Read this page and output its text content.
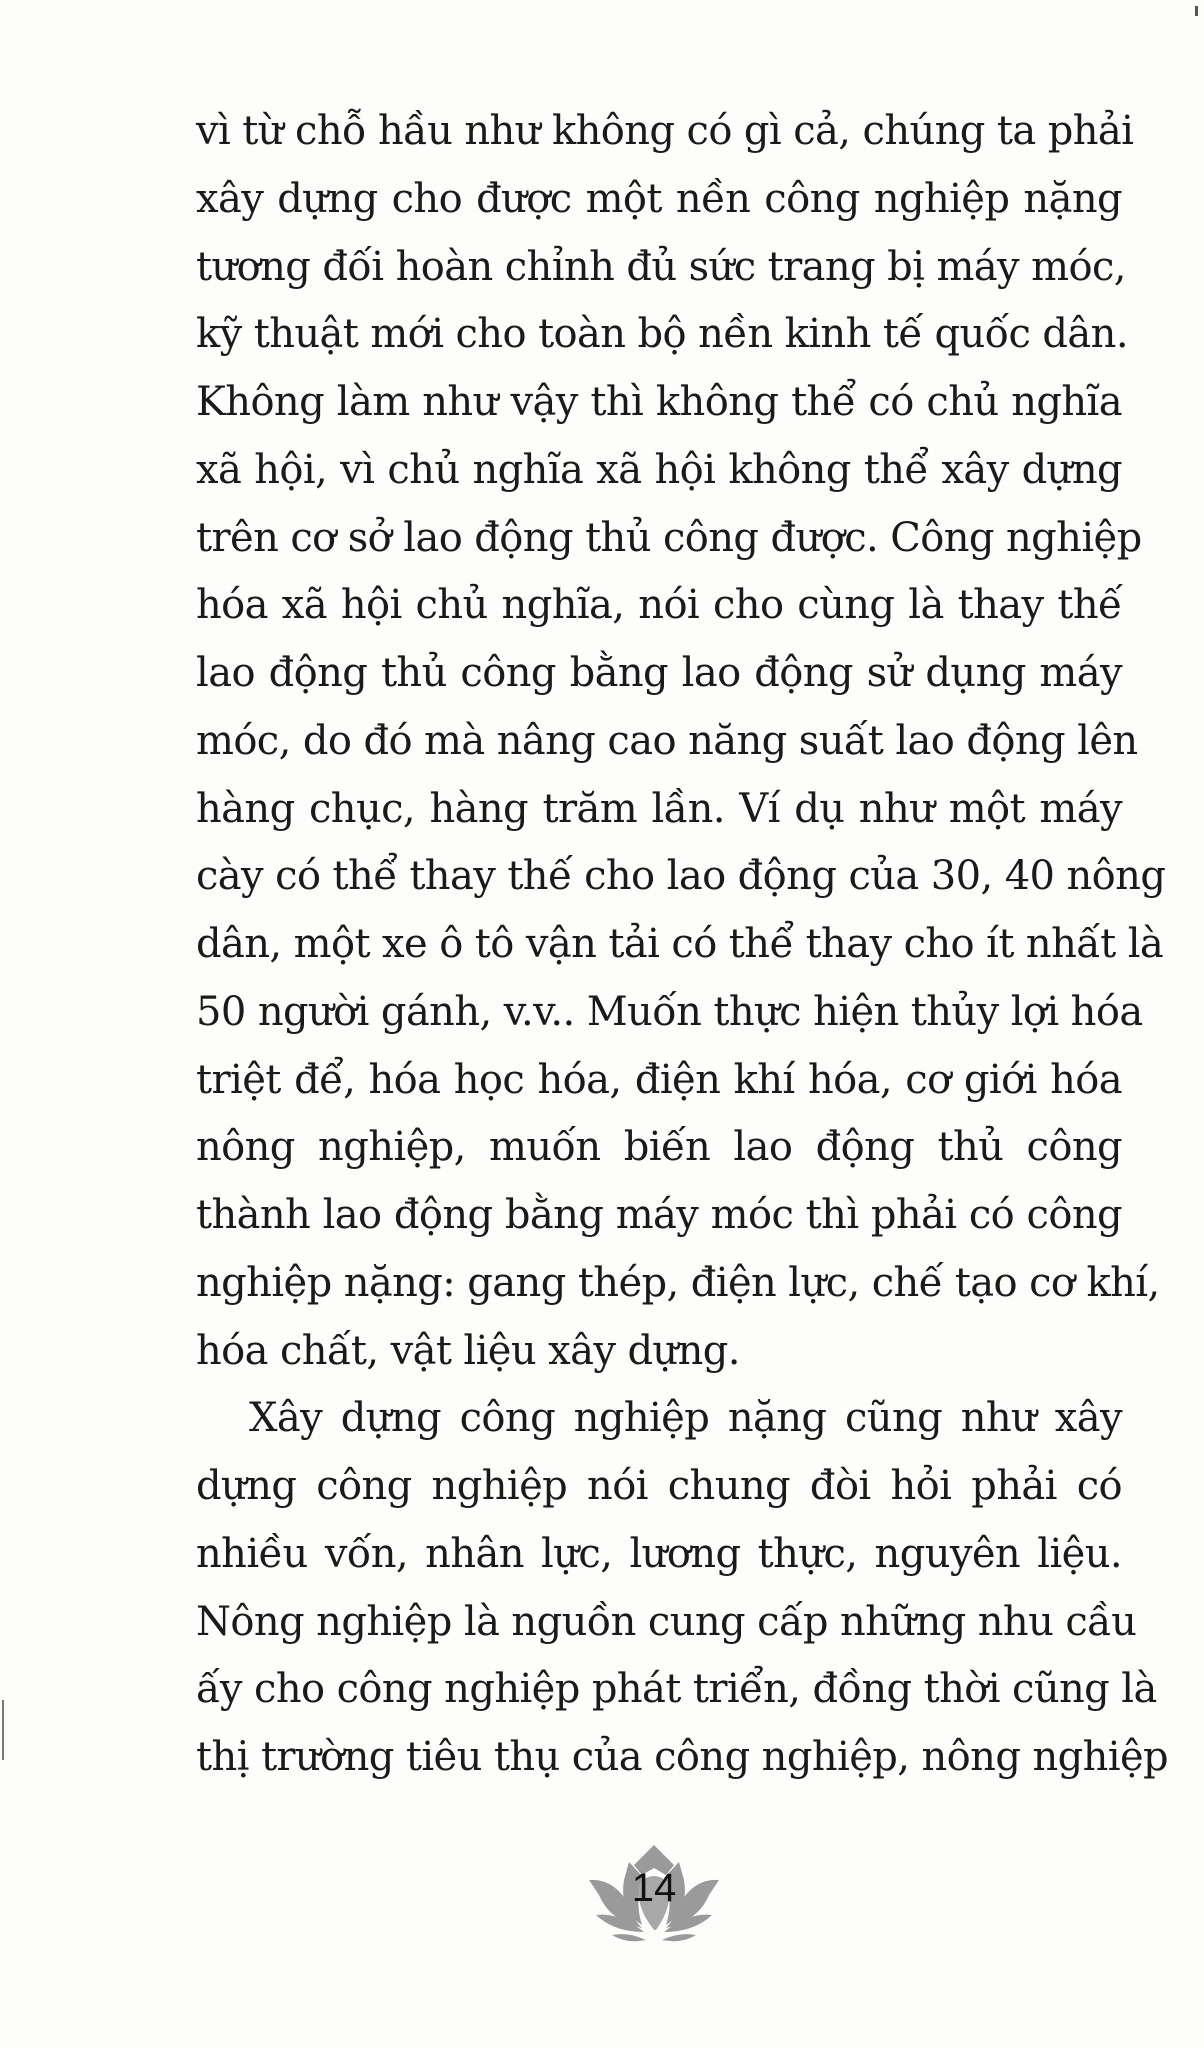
vì từ chỗ hầu như không có gì cả, chúng ta phải
xây dựng cho được một nền công nghiệp nặng
tương đối hoàn chỉnh đủ sức trang bị máy móc,
kỹ thuật mới cho toàn bộ nền kinh tế quốc dân.
Không làm như vậy thì không thể có chủ nghĩa
xã hội, vì chủ nghĩa xã hội không thể xây dựng
trên cơ sở lao động thủ công được. Công nghiệp
hóa xã hội chủ nghĩa, nói cho cùng là thay thế
lao động thủ công bằng lao động sử dụng máy
móc, do đó mà nâng cao năng suất lao động lên
hàng chục, hàng trăm lần. Ví dụ như một máy
cày có thể thay thế cho lao động của 30, 40 nông
dân, một xe ô tô vận tải có thể thay cho ít nhất là
50 người gánh, v.v.. Muốn thực hiện thủy lợi hóa
triệt để, hóa học hóa, điện khí hóa, cơ giới hóa
nông nghiệp, muốn biến lao động thủ công
thành lao động bằng máy móc thì phải có công
nghiệp nặng: gang thép, điện lực, chế tạo cơ khí,
hóa chất, vật liệu xây dựng.
Xây dựng công nghiệp nặng cũng như xây
dựng công nghiệp nói chung đòi hỏi phải có
nhiều vốn, nhân lực, lương thực, nguyên liệu.
Nông nghiệp là nguồn cung cấp những nhu cầu
ấy cho công nghiệp phát triển, đồng thời cũng là
thị trường tiêu thụ của công nghiệp, nông nghiệp
14
